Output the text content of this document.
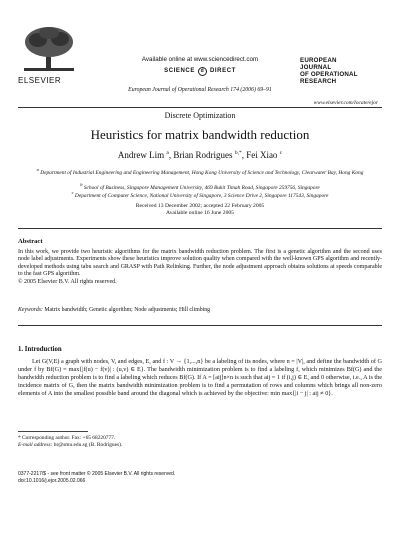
ELSEVIER
Available online at www.sciencedirect.com
SCIENCE	d DIRECT
European Journal of Operational Research 174 (2006) 69–91
EUROPEAN
JOURNAL
OF OPERATIONAL
RESEARCH
www.elsevier.com/locate/ejor
Discrete Optimization
Heuristics for matrix bandwidth reduction
Andrew Lim $^a$, Brian Rodrigues $^{b,*}$, Fei Xiao $^c$
$^a$ Department of Industrial Engineering and Engineering Management, Hong Kong University of Science and Technology, Clearwater Bay, Hong Kong
$^b$ School of Business, Singapore Management University, 469 Bukit Timah Road, Singapore 259756, Singapore
$^c$ Department of Computer Science, National University of Singapore, 3 Science Drive 2, Singapore 117543, Singapore
Received 13 December 2002; accepted 22 February 2005
Available online 16 June 2005
Abstract
In this work, we provide two heuristic algorithms for the matrix bandwidth reduction problem. The first is a genetic algorithm and the second uses node label adjustments. Experiments show these heuristics improve solution quality when compared with the well-known GPS algorithm and recently-developed methods using tabu search and GRASP with Path Relinking. Further, the node adjustment approach obtains solutions at speeds comparable to the fast GPS algorithm.
© 2005 Elsevier B.V. All rights reserved.
Keywords: Matrix bandwidth; Genetic algorithm; Node adjustments; Hill climbing
1. Introduction
Let G(V,E) a graph with nodes, V, and edges, E, and f : V → {1,...,n} be a labeling of its nodes, where n = |V|, and define the bandwidth of G under f by Bf(G) = max{|f(u) − f(v)| : (u,v) ∈ E}. The bandwidth minimization problem is to find a labeling f, which minimizes Bf(G) and the bandwidth reduction problem is to find a labeling which reduces Bf(G). If A = [aij]n×n is such that aij = 1 if (i,j) ∈ E, and 0 otherwise, i.e., A is the incidence matrix of G, then the matrix bandwidth minimization problem is to find a permutation of rows and columns which brings all non-zero elements of A into the smallest possible band around the diagonal which is achieved by the objective: min max{|i − j| : aij ≠ 0}.
* Corresponding author. Fax: +65 68220777.
E-mail address: br@smu.edu.sg (B. Rodrigues).
0377-2217/$ - see front matter © 2005 Elsevier B.V. All rights reserved.
doi:10.1016/j.ejor.2005.02.066
